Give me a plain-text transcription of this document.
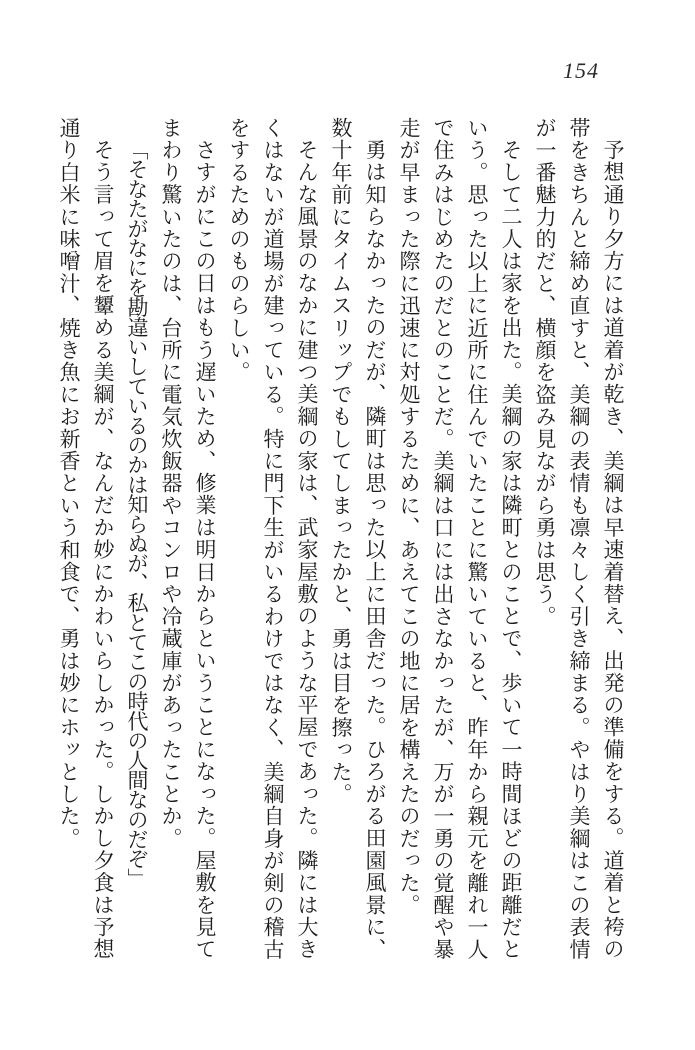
154
予想通り夕方には道着が乾き、美綱は早速着替え、出発の準備をする。道着と袴の
帯をきちんと締め直すと、美綱の表情も凛々しく引き締まる。やはり美綱はこの表情
が一番魅力的だと、横顔を盗み見ながら勇は思う。
そして二人は家を出た。美綱の家は隣町とのことで、歩いて一時間ほどの距離だと
いう。思った以上に近所に住んでいたことに驚いていると、昨年から親元を離れ一人
で住みはじめたのだとのことだ。美綱は口には出さなかったが、万が一勇の覚醒や暴
走が早まった際に迅速に対処するために、あえてこの地に居を構えたのだった。
勇は知らなかったのだが、隣町は思った以上に田舎だった。ひろがる田園風景に、
数十年前にタイムスリップでもしてしまったかと、勇は目を擦った。
そんな風景のなかに建つ美綱の家は、武家屋敷のような平屋であった。隣には大き
くはないが道場が建っている。特に門下生がいるわけではなく、美綱自身が剣の稽古
をするためのものらしい。
さすがにこの日はもう遅いため、修業は明日からということになった。屋敷を見て
まわり驚いたのは、台所に電気炊飯器やコンロや冷蔵庫があったことか。
「そなたがなにを勘違いしているのかは知らぬが、私とてこの時代の人間なのだぞ」
そう言って眉を顰める美綱が、なんだか妙にかわいらしかった。しかし夕食は予想
通り白米に味噌汁、焼き魚にお新香という和食で、勇は妙にホッとした。
